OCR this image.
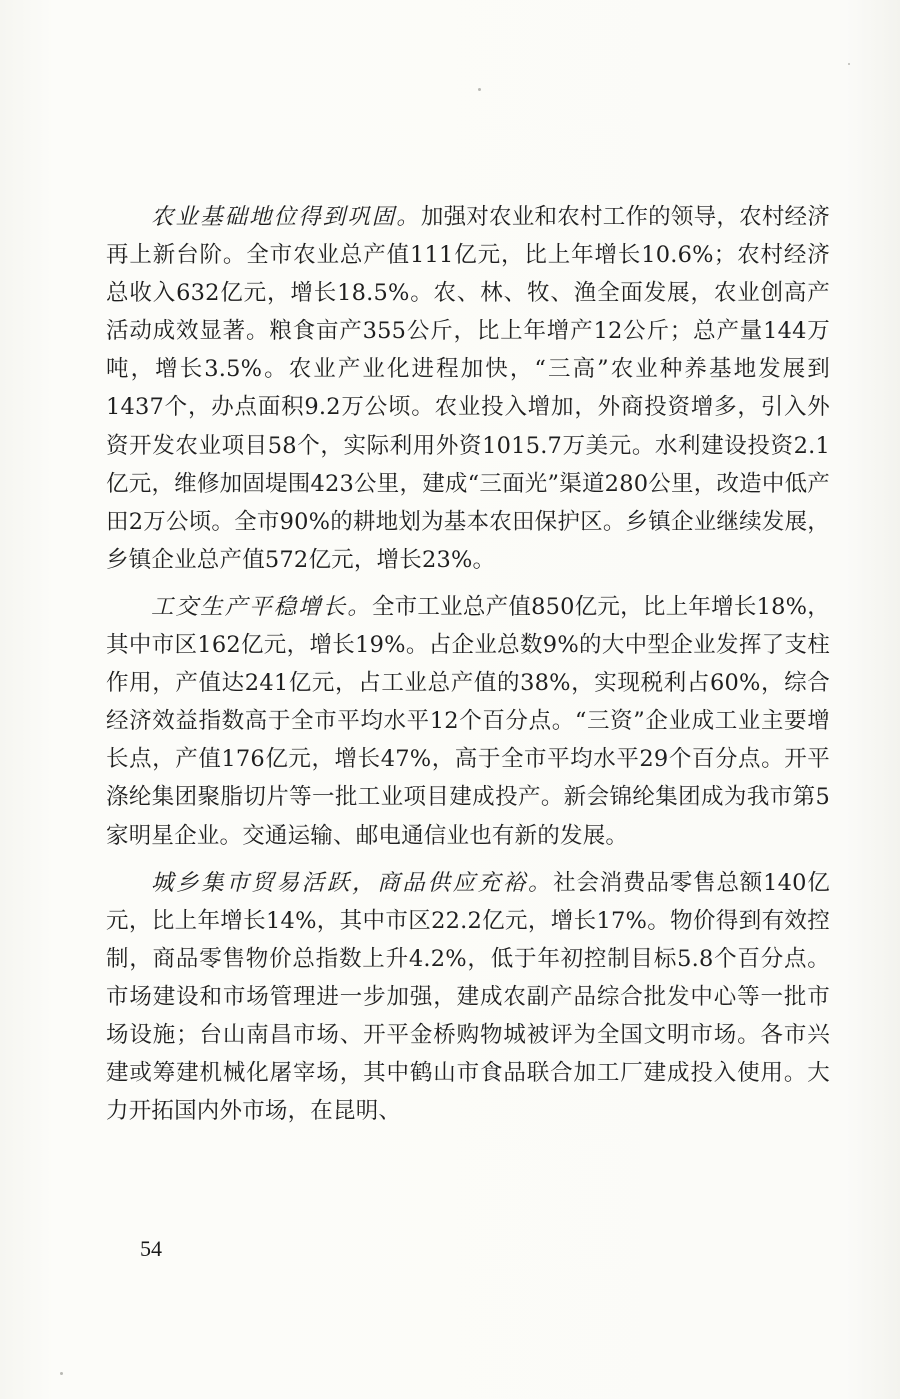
农业基础地位得到巩固。加强对农业和农村工作的领导，农村经济再上新台阶。全市农业总产值111亿元，比上年增长10.6%；农村经济总收入632亿元，增长18.5%。农、林、牧、渔全面发展，农业创高产活动成效显著。粮食亩产355公斤，比上年增产12公斤；总产量144万吨，增长3.5%。农业产业化进程加快，“三高”农业种养基地发展到1437个，办点面积9.2万公顷。农业投入增加，外商投资增多，引入外资开发农业项目58个，实际利用外资1015.7万美元。水利建设投资2.1亿元，维修加固堤围423公里，建成“三面光”渠道280公里，改造中低产田2万公顷。全市90%的耕地划为基本农田保护区。乡镇企业继续发展，乡镇企业总产值572亿元，增长23%。

工交生产平稳增长。全市工业总产值850亿元，比上年增长18%，其中市区162亿元，增长19%。占企业总数9%的大中型企业发挥了支柱作用，产值达241亿元，占工业总产值的38%，实现税利占60%，综合经济效益指数高于全市平均水平12个百分点。“三资”企业成工业主要增长点，产值176亿元，增长47%，高于全市平均水平29个百分点。开平涤纶集团聚脂切片等一批工业项目建成投产。新会锦纶集团成为我市第5家明星企业。交通运输、邮电通信业也有新的发展。

城乡集市贸易活跃，商品供应充裕。社会消费品零售总额140亿元，比上年增长14%，其中市区22.2亿元，增长17%。物价得到有效控制，商品零售物价总指数上升4.2%，低于年初控制目标5.8个百分点。市场建设和市场管理进一步加强，建成农副产品综合批发中心等一批市场设施；台山南昌市场、开平金桥购物城被评为全国文明市场。各市兴建或筹建机械化屠宰场，其中鹤山市食品联合加工厂建成投入使用。大力开拓国内外市场，在昆明、

54
